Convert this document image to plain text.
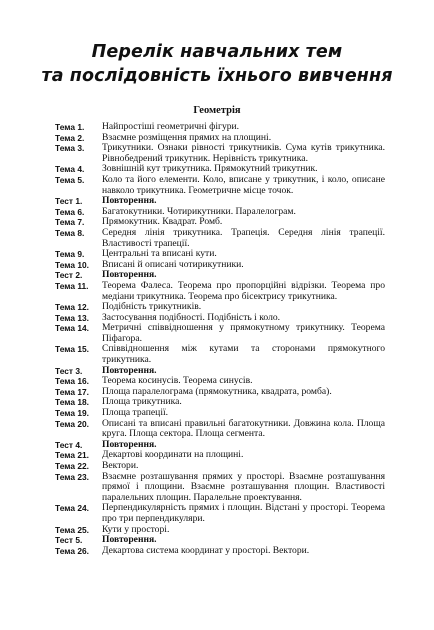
Перелік навчальних тем
та послідовність їхнього вивчення
Геометрія
Тема 1.	Найпростіші геометричні фігури.
Тема 2.	Взаємне розміщення прямих на площині.
Тема 3.	Трикутники. Ознаки рівності трикутників. Сума кутів трикутника. Рівнобедрений трикутник. Нерівність трикутника.
Тема 4.	Зовнішній кут трикутника. Прямокутний трикутник.
Тема 5.	Коло та його елементи. Коло, вписане у трикутник, і коло, описане навколо трикутника. Геометричне місце точок.
Тест 1.	Повторення.
Тема 6.	Багатокутники. Чотирикутники. Паралелограм.
Тема 7.	Прямокутник. Квадрат. Ромб.
Тема 8.	Середня лінія трикутника. Трапеція. Середня лінія трапеції. Властивості трапеції.
Тема 9.	Центральні та вписані кути.
Тема 10.	Вписані й описані чотирикутники.
Тест 2.	Повторення.
Тема 11.	Теорема Фалеса. Теорема про пропорційні відрізки. Теорема про медіани трикутника. Теорема про бісектрису трикутника.
Тема 12.	Подібність трикутників.
Тема 13.	Застосування подібності. Подібність і коло.
Тема 14.	Метричні співвідношення у прямокутному трикутнику. Теорема Піфагора.
Тема 15.	Співвідношення між кутами та сторонами прямокутного трикутника.
Тест 3.	Повторення.
Тема 16.	Теорема косинусів. Теорема синусів.
Тема 17.	Площа паралелограма (прямокутника, квадрата, ромба).
Тема 18.	Площа трикутника.
Тема 19.	Площа трапеції.
Тема 20.	Описані та вписані правильні багатокутники. Довжина кола. Площа круга. Площа сектора. Площа сегмента.
Тест 4.	Повторення.
Тема 21.	Декартові координати на площині.
Тема 22.	Вектори.
Тема 23.	Взаємне розташування прямих у просторі. Взаємне розташування прямої і площини. Взаємне розташування площин. Властивості паралельних площин. Паралельне проектування.
Тема 24.	Перпендикулярність прямих і площин. Відстані у просторі. Теорема про три перпендикуляри.
Тема 25.	Кути у просторі.
Тест 5.	Повторення.
Тема 26.	Декартова система координат у просторі. Вектори.
